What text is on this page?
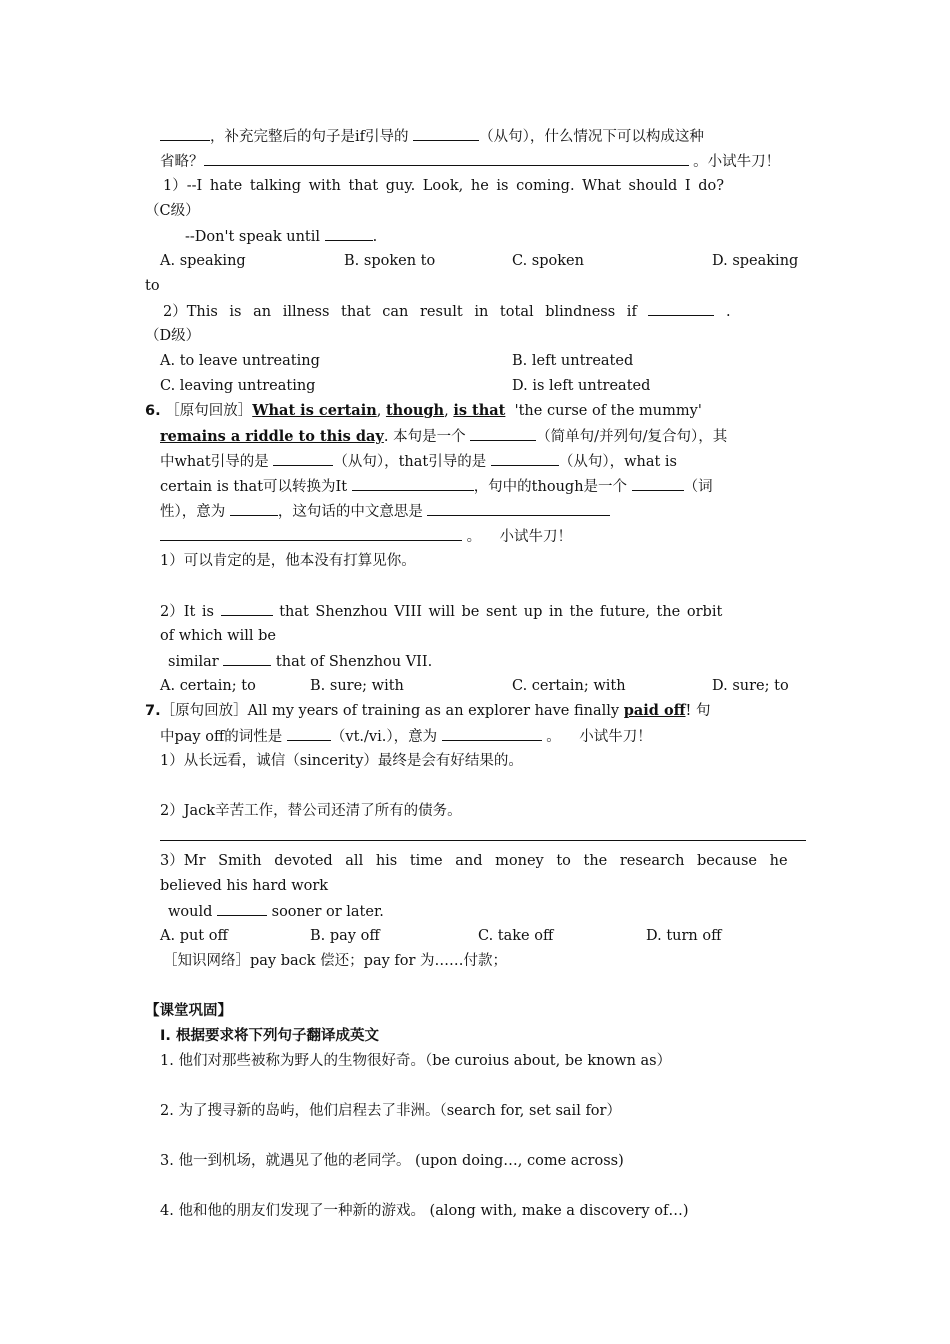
，补充完整后的句子是if引导的	（从句），什么情况下可以构成这种
省略？	。小试牛刀！
1）--I hate talking with that guy. Look, he is coming. What should I do?
（C级）
--Don't speak until	.
A. speaking	B. spoken to	C. spoken	D. speaking
to
2）This is an illness that can result in total blindness if	.
（D级）
A. to leave untreating	B. left untreated
C. leaving untreating	D. is left untreated
6. ［原句回放］What is certain, though, is that 'the curse of the mummy'
remains a riddle to this day. 本句是一个	（简单句/并列句/复合句），其
中what引导的是	（从句），that引导的是	（从句），what is
certain is that可以转换为It	，句中的though是一个	（词
性），意为	，这句话的中文意思是
。 小试牛刀！
1）可以肯定的是，他本没有打算见你。
2）It is	that Shenzhou VIII will be sent up in the future, the orbit
of which will be
similar	that of Shenzhou VII.
A. certain; to	B. sure; with	C. certain; with	D. sure; to
7.［原句回放］All my years of training as an explorer have finally paid off! 句
中pay off的词性是	（vt./vi.），意为	。 小试牛刀！
1）从长远看，诚信（sincerity）最终是会有好结果的。
2）Jack辛苦工作，替公司还清了所有的债务。
3）Mr Smith devoted all his time and money to the research because he
believed his hard work
would	sooner or later.
A. put off	B. pay off	C. take off	D. turn off
［知识网络］pay back 偿还；pay for 为……付款；
【课堂巩固】
I. 根据要求将下列句子翻译成英文
1. 他们对那些被称为野人的生物很好奇。（be curoius about, be known as）
2. 为了搜寻新的岛屿，他们启程去了非洲。（search for, set sail for）
3. 他一到机场，就遇见了他的老同学。 (upon doing…, come across)
4. 他和他的朋友们发现了一种新的游戏。 (along with, make a discovery of…)
